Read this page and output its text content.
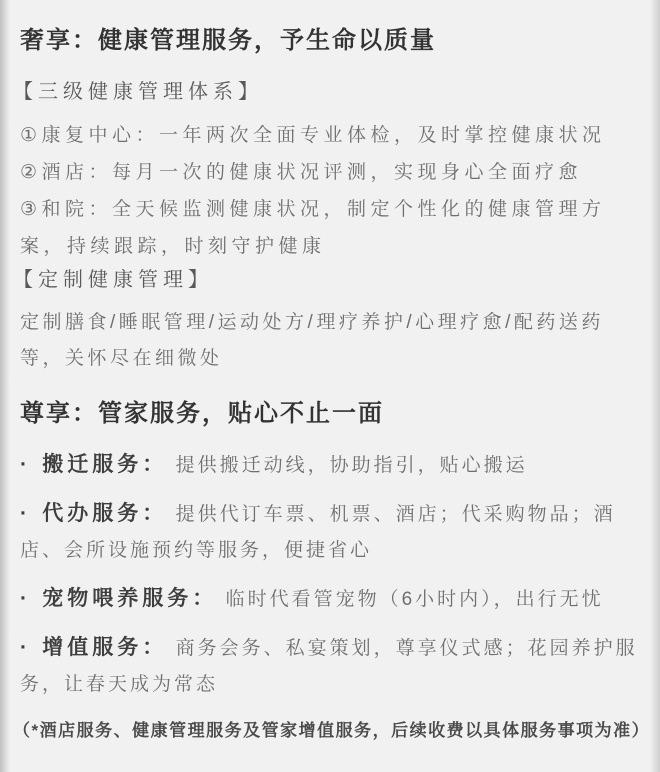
奢享：健康管理服务，予生命以质量
【三级健康管理体系】

①康复中心：一年两次全面专业体检，及时掌控健康状况

②酒店：每月一次的健康状况评测，实现身心全面疗愈

③和院：全天候监测健康状况，制定个性化的健康管理方案，持续跟踪，时刻守护健康

【定制健康管理】

定制膳食/睡眠管理/运动处方/理疗养护/心理疗愈/配药送药等，关怀尽在细微处

尊享：管家服务，贴心不止一面

· 搬迁服务： 提供搬迁动线，协助指引，贴心搬运

· 代办服务： 提供代订车票、机票、酒店；代采购物品；酒店、会所设施预约等服务，便捷省心

· 宠物喂养服务： 临时代看管宠物（6小时内），出行无忧

· 增值服务： 商务会务、私宴策划，尊享仪式感；花园养护服务，让春天成为常态

（*酒店服务、健康管理服务及管家增值服务，后续收费以具体服务事项为准）
